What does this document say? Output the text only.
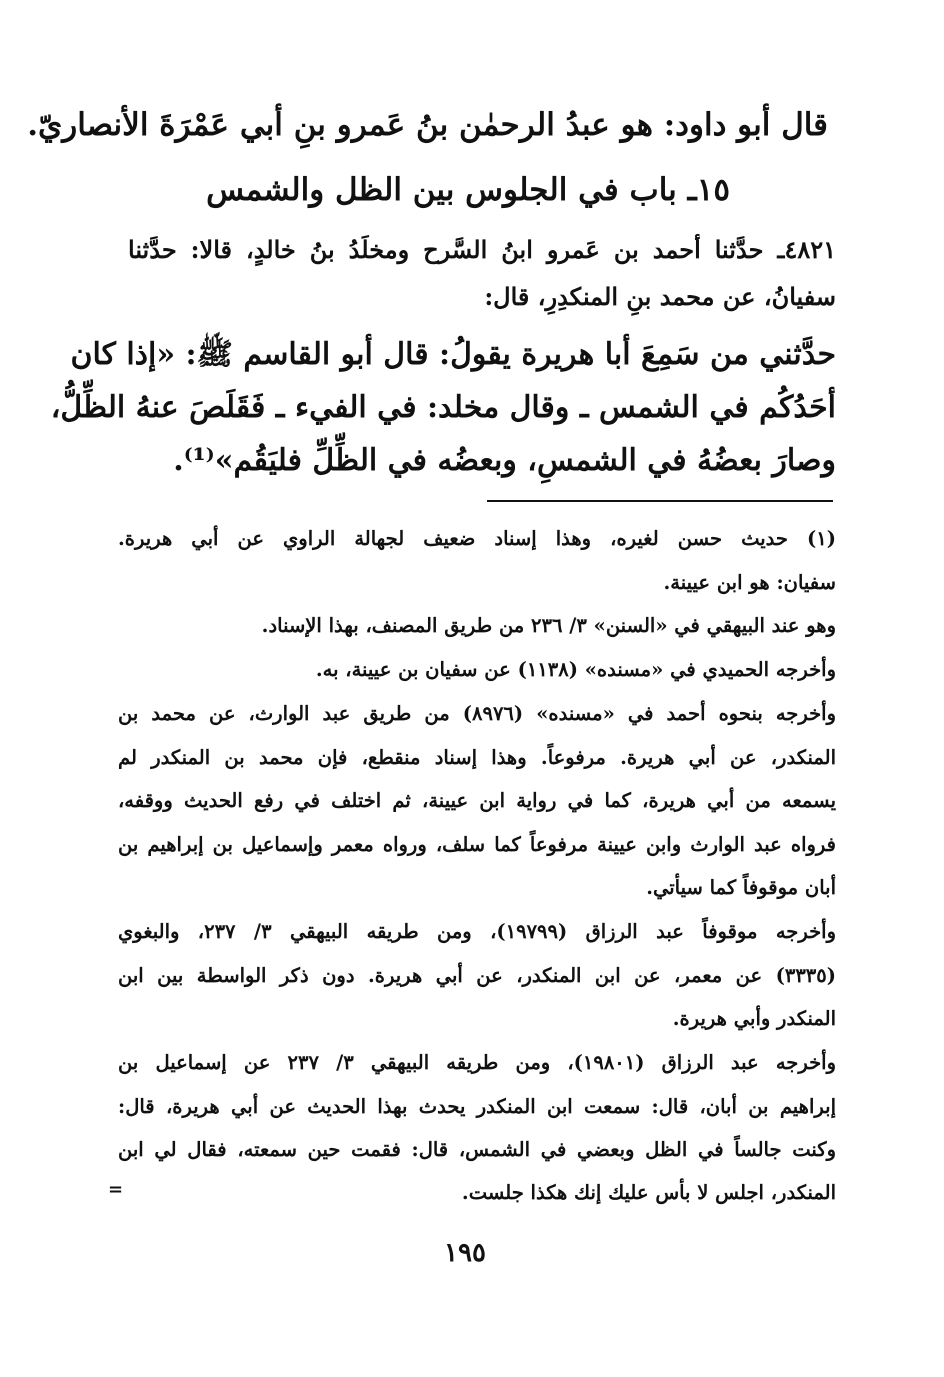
قال أبو داود: هو عبدُ الرحمٰن بنُ عَمرو بنِ أبي عَمْرَةَ الأنصاريّ.

١٥ـ باب في الجلوس بين الظل والشمس

٤٨٢١ـ حدَّثنا أحمد بن عَمرو ابنُ السَّرح ومخلَدُ بنُ خالدٍ، قالا: حدَّثنا

سفيانُ، عن محمد بنِ المنكدِرِ، قال:

حدَّثني من سَمِعَ أبا هريرة يقولُ: قال أبو القاسم ﷺ: «إذا كان

أحَدُكُم في الشمس ـ وقال مخلد: في الفيء ـ فَقَلَصَ عنهُ الظِّلُّ،

وصارَ بعضُهُ في الشمسِ، وبعضُه في الظِّلِّ فليَقُم»⁽¹⁾.

(١) حديث حسن لغيره، وهذا إسناد ضعيف لجهالة الراوي عن أبي هريرة.

سفيان: هو ابن عيينة.

وهو عند البيهقي في «السنن» ٣/ ٢٣٦ من طريق المصنف، بهذا الإسناد.

وأخرجه الحميدي في «مسنده» (١١٣٨) عن سفيان بن عيينة، به.

وأخرجه بنحوه أحمد في «مسنده» (٨٩٧٦) من طريق عبد الوارث، عن محمد بن

المنكدر، عن أبي هريرة. مرفوعاً. وهذا إسناد منقطع، فإن محمد بن المنكدر لم

يسمعه من أبي هريرة، كما في رواية ابن عيينة، ثم اختلف في رفع الحديث ووقفه،

فرواه عبد الوارث وابن عيينة مرفوعاً كما سلف، ورواه معمر وإسماعيل بن إبراهيم بن

أبان موقوفاً كما سيأتي.

وأخرجه موقوفاً عبد الرزاق (١٩٧٩٩)، ومن طريقه البيهقي ٣/ ٢٣٧، والبغوي

(٣٣٣٥) عن معمر، عن ابن المنكدر، عن أبي هريرة. دون ذكر الواسطة بين ابن

المنكدر وأبي هريرة.

وأخرجه عبد الرزاق (١٩٨٠١)، ومن طريقه البيهقي ٣/ ٢٣٧ عن إسماعيل بن

إبراهيم بن أبان، قال: سمعت ابن المنكدر يحدث بهذا الحديث عن أبي هريرة، قال:

وكنت جالساً في الظل وبعضي في الشمس، قال: فقمت حين سمعته، فقال لي ابن

المنكدر، اجلس لا بأس عليك إنك هكذا جلست.

=

١٩٥
